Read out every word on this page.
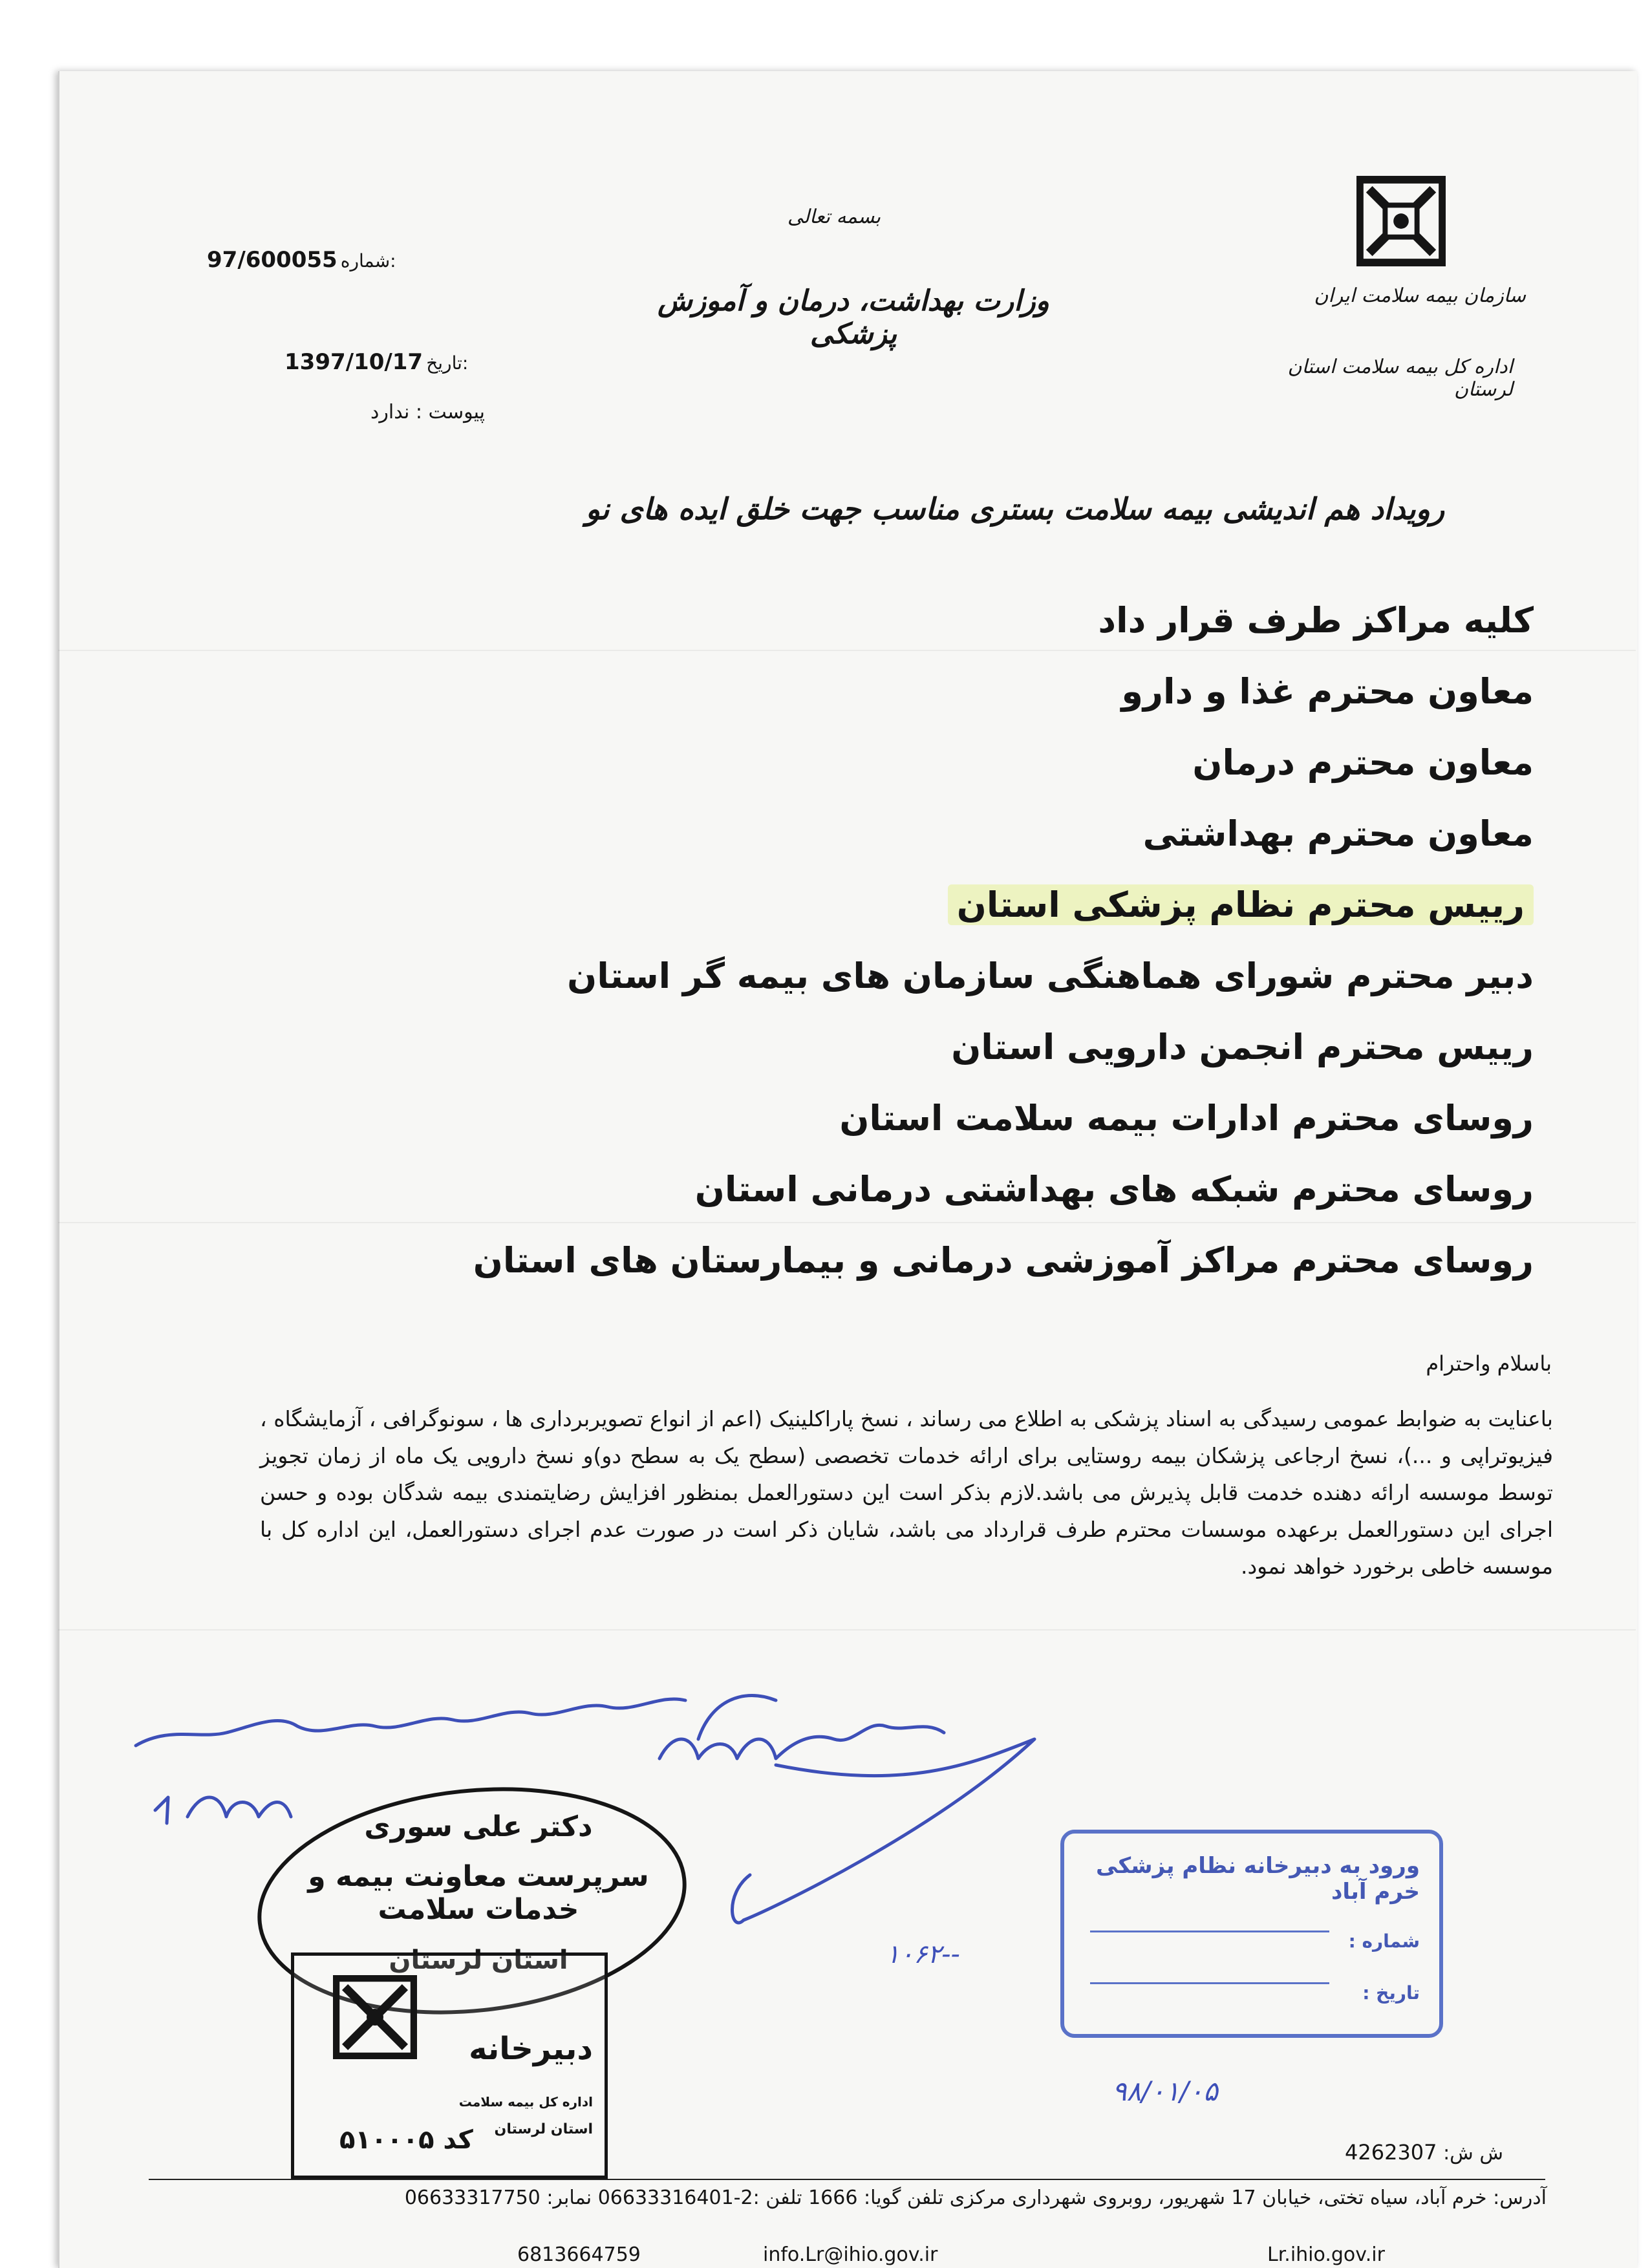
سازمان بیمه سلامت ایران
اداره کل بیمه سلامت استان لرستان
بسمه تعالی
وزارت بهداشت، درمان و آموزش پزشکی
97/600055 شماره:
1397/10/17 تاریخ:
پیوست : ندارد
رویداد هم اندیشی بیمه سلامت بستری مناسب جهت خلق ایده های نو
کلیه مراکز طرف قرار داد
معاون محترم غذا و دارو
معاون محترم درمان
معاون محترم بهداشتی
رییس محترم نظام پزشکی استان
دبیر محترم شورای هماهنگی سازمان های بیمه گر استان
رییس محترم انجمن دارویی استان
روسای محترم ادارات بیمه سلامت استان
روسای محترم شبکه های بهداشتی درمانی استان
روسای محترم مراکز آموزشی درمانی و بیمارستان های استان
باسلام واحترام
باعنایت به ضوابط عمومی رسیدگی به اسناد پزشکی به اطلاع می رساند ، نسخ پاراکلینیک (اعم از انواع تصویربرداری ها ، سونوگرافی ، آزمایشگاه ، فیزیوتراپی و ...)، نسخ ارجاعی پزشکان بیمه روستایی برای ارائه خدمات تخصصی (سطح یک به سطح دو)و نسخ دارویی یک ماه از زمان تجویز توسط موسسه ارائه دهنده خدمت قابل پذیرش می باشد.لازم بذکر است این دستورالعمل بمنظور افزایش رضایتمندی بیمه شدگان بوده و حسن اجرای این دستورالعمل برعهده موسسات محترم طرف قرارداد می باشد، شایان ذکر است در صورت عدم اجرای دستورالعمل، این اداره کل با موسسه خاطی برخورد خواهد نمود.
دکتر علی سوری
سرپرست معاونت بیمه و خدمات سلامت
استان لرستان
دبیرخانه
اداره کل بیمه سلامت
استان لرستان
کد ۵۱۰۰۰۵
ورود به دبیرخانه نظام پزشکی خرم آباد
شماره :
تاریخ :
۱۰۶۲--
۹۸/۰۱/۰۵
ش ش: 4262307
آدرس: خرم آباد، سیاه تختی، خیابان 17 شهریور، روبروی شهرداری مرکزی تلفن گویا: 1666 تلفن :2-06633316401 نمابر: 06633317750
Lr.ihio.gov.ir
info.Lr@ihio.gov.ir
6813664759
